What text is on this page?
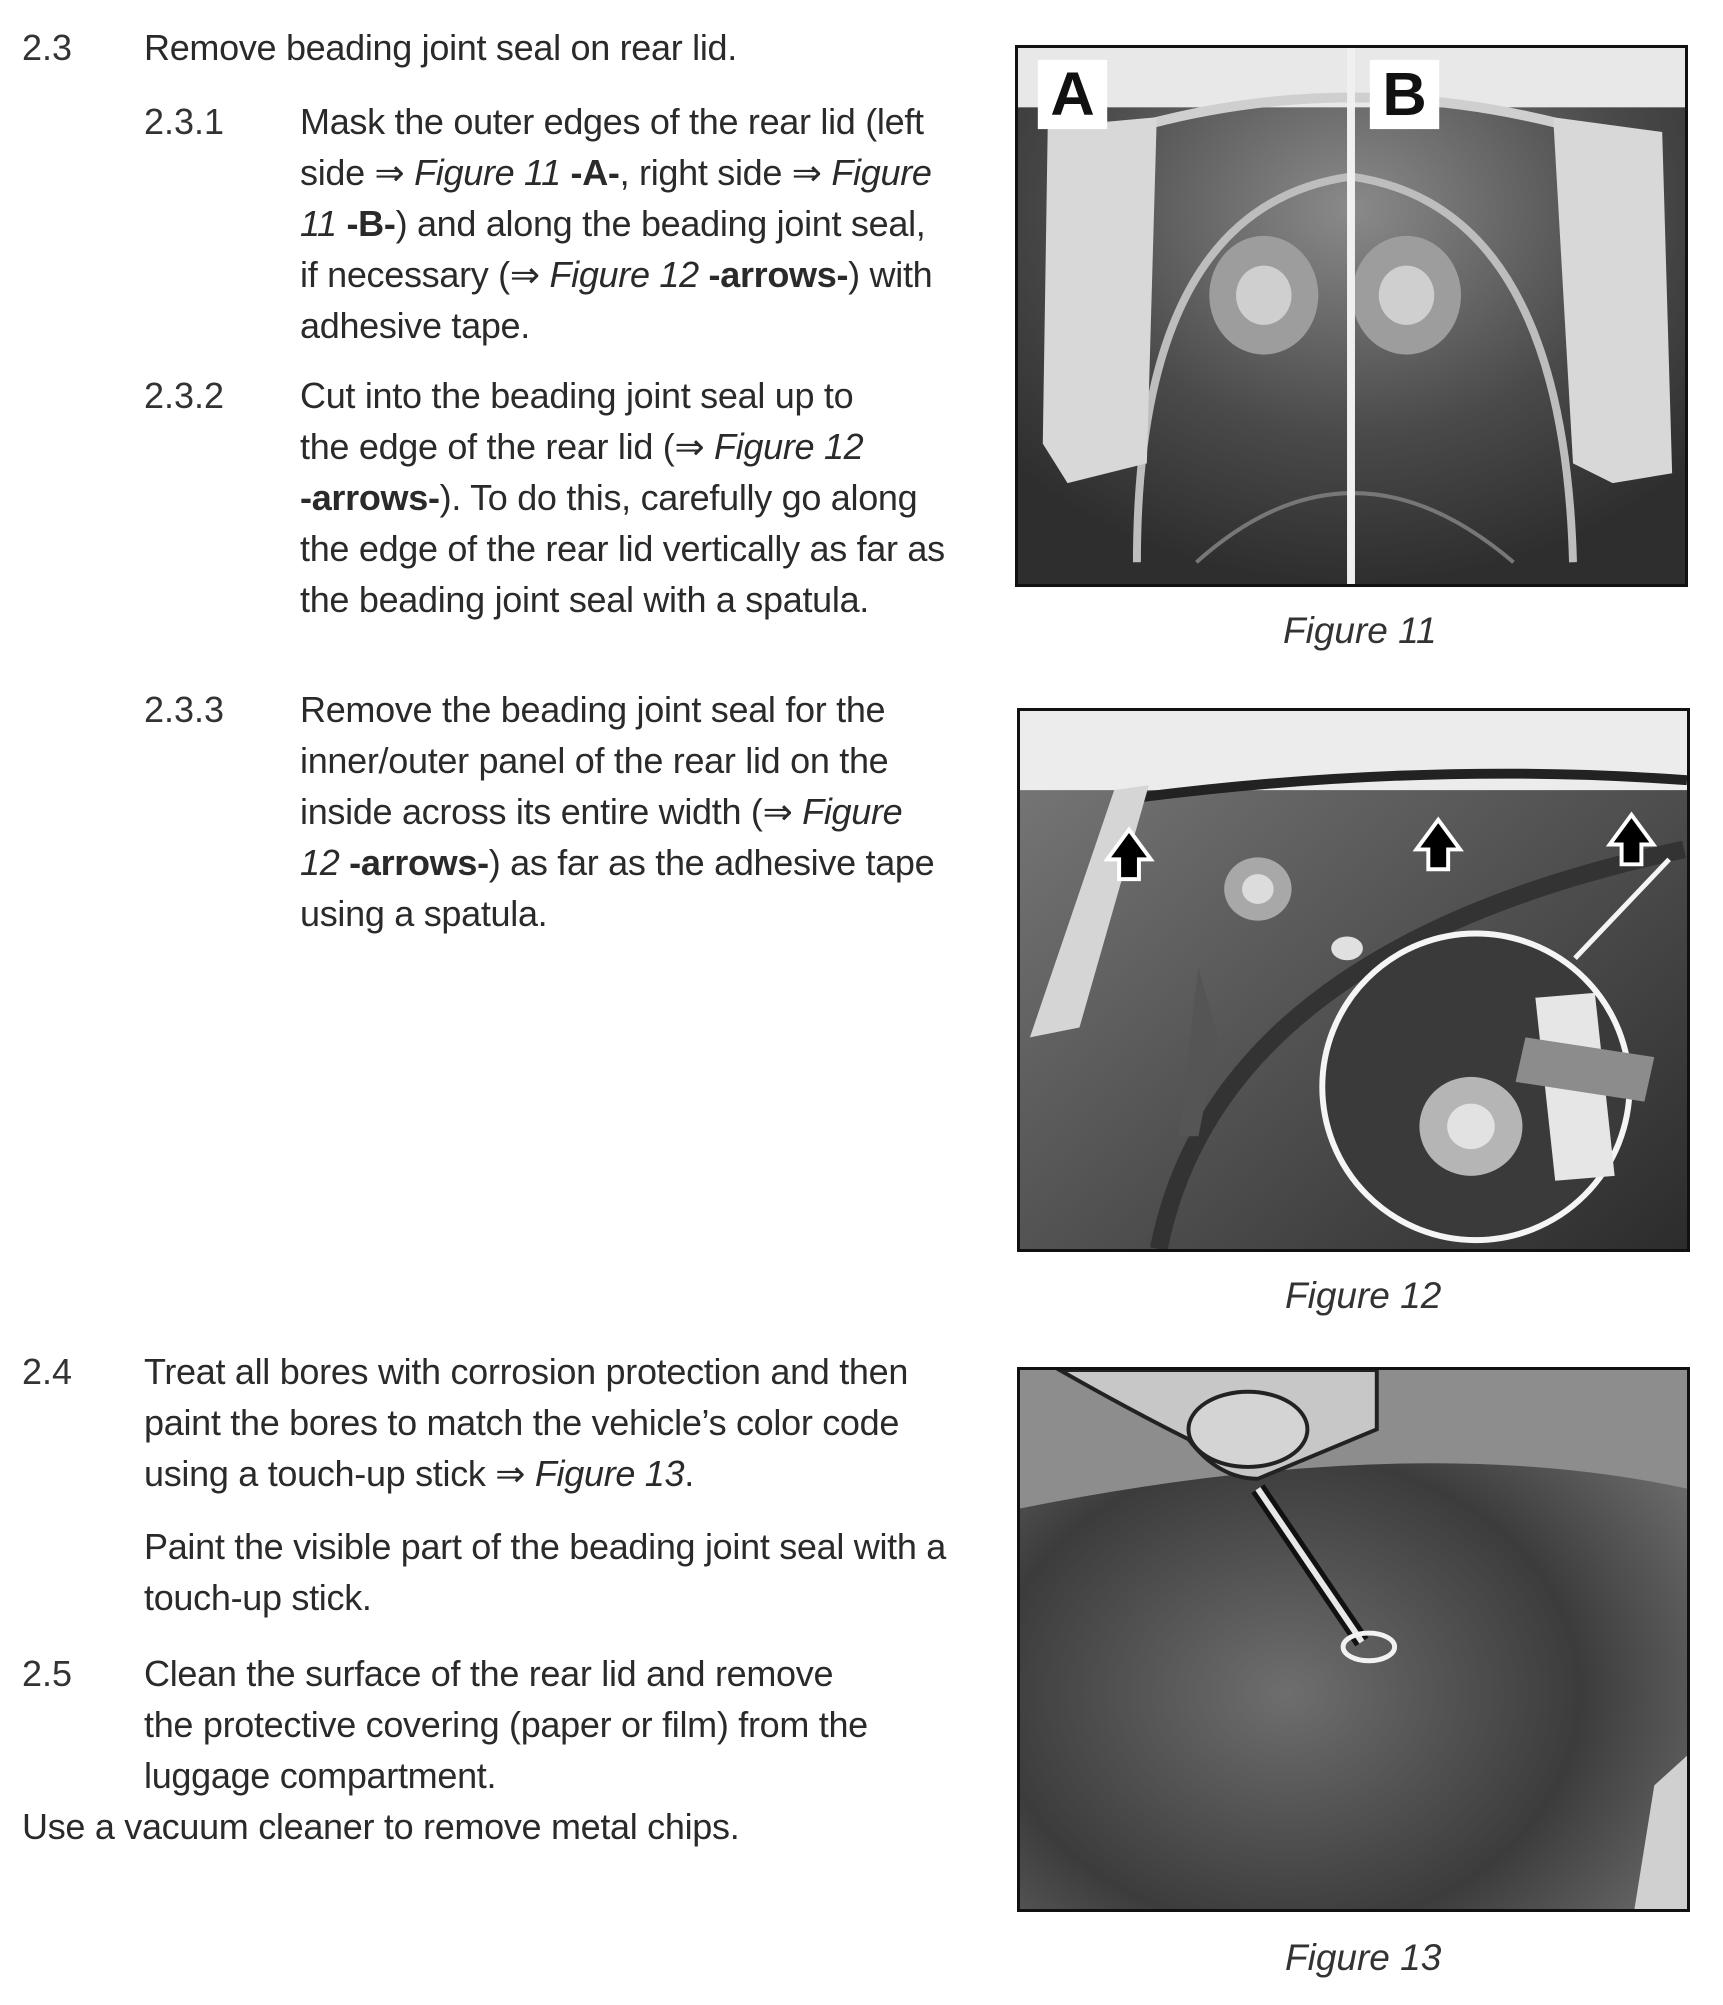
2.3 Remove beading joint seal on rear lid.
2.3.1 Mask the outer edges of the rear lid (left
side ⇒ Figure 11 -A-, right side ⇒ Figure
11 -B-) and along the beading joint seal,
if necessary (⇒ Figure 12 -arrows-) with
adhesive tape.
2.3.2 Cut into the beading joint seal up to
the edge of the rear lid (⇒ Figure 12
-arrows-). To do this, carefully go along
the edge of the rear lid vertically as far as
the beading joint seal with a spatula.
2.3.3 Remove the beading joint seal for the
inner/outer panel of the rear lid on the
inside across its entire width (⇒ Figure
12 -arrows-) as far as the adhesive tape
using a spatula.
2.4 Treat all bores with corrosion protection and then
paint the bores to match the vehicle’s color code
using a touch-up stick ⇒ Figure 13.
Paint the visible part of the beading joint seal with a
touch-up stick.
2.5 Clean the surface of the rear lid and remove
the protective covering (paper or film) from the
luggage compartment.
Use a vacuum cleaner to remove metal chips.
A	B
Figure 11
Figure 12
Figure 13
